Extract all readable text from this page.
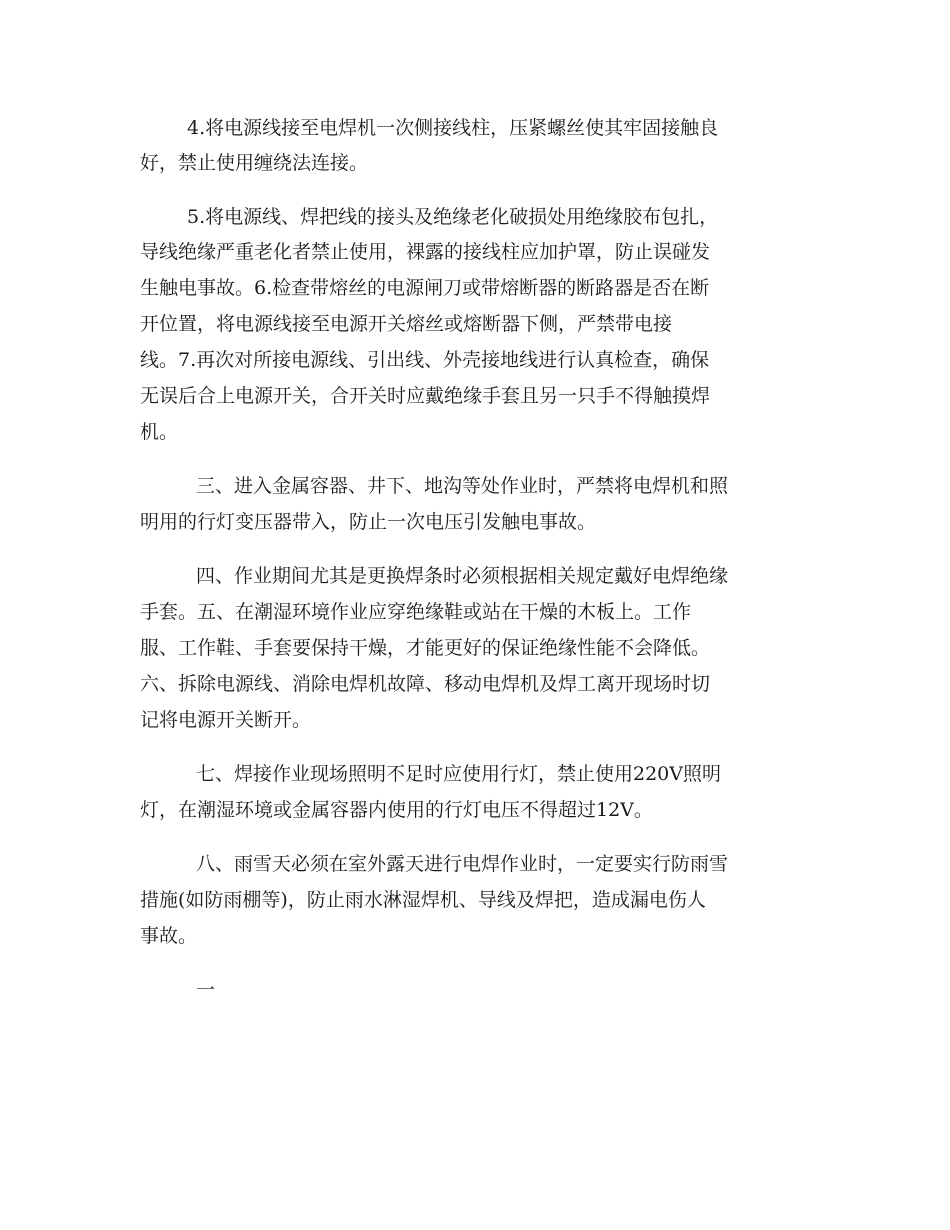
4.将电源线接至电焊机一次侧接线柱，压紧螺丝使其牢固接触良
好，禁止使用缠绕法连接。
5.将电源线、焊把线的接头及绝缘老化破损处用绝缘胶布包扎，
导线绝缘严重老化者禁止使用，裸露的接线柱应加护罩，防止误碰发
生触电事故。6.检查带熔丝的电源闸刀或带熔断器的断路器是否在断
开位置，将电源线接至电源开关熔丝或熔断器下侧，严禁带电接
线。7.再次对所接电源线、引出线、外壳接地线进行认真检查，确保
无误后合上电源开关，合开关时应戴绝缘手套且另一只手不得触摸焊
机。
三、进入金属容器、井下、地沟等处作业时，严禁将电焊机和照
明用的行灯变压器带入，防止一次电压引发触电事故。
四、作业期间尤其是更换焊条时必须根据相关规定戴好电焊绝缘
手套。五、在潮湿环境作业应穿绝缘鞋或站在干燥的木板上。工作
服、工作鞋、手套要保持干燥，才能更好的保证绝缘性能不会降低。
六、拆除电源线、消除电焊机故障、移动电焊机及焊工离开现场时切
记将电源开关断开。
七、焊接作业现场照明不足时应使用行灯，禁止使用220V照明
灯，在潮湿环境或金属容器内使用的行灯电压不得超过12V。
八、雨雪天必须在室外露天进行电焊作业时，一定要实行防雨雪
措施(如防雨棚等)，防止雨水淋湿焊机、导线及焊把，造成漏电伤人
事故。
一
